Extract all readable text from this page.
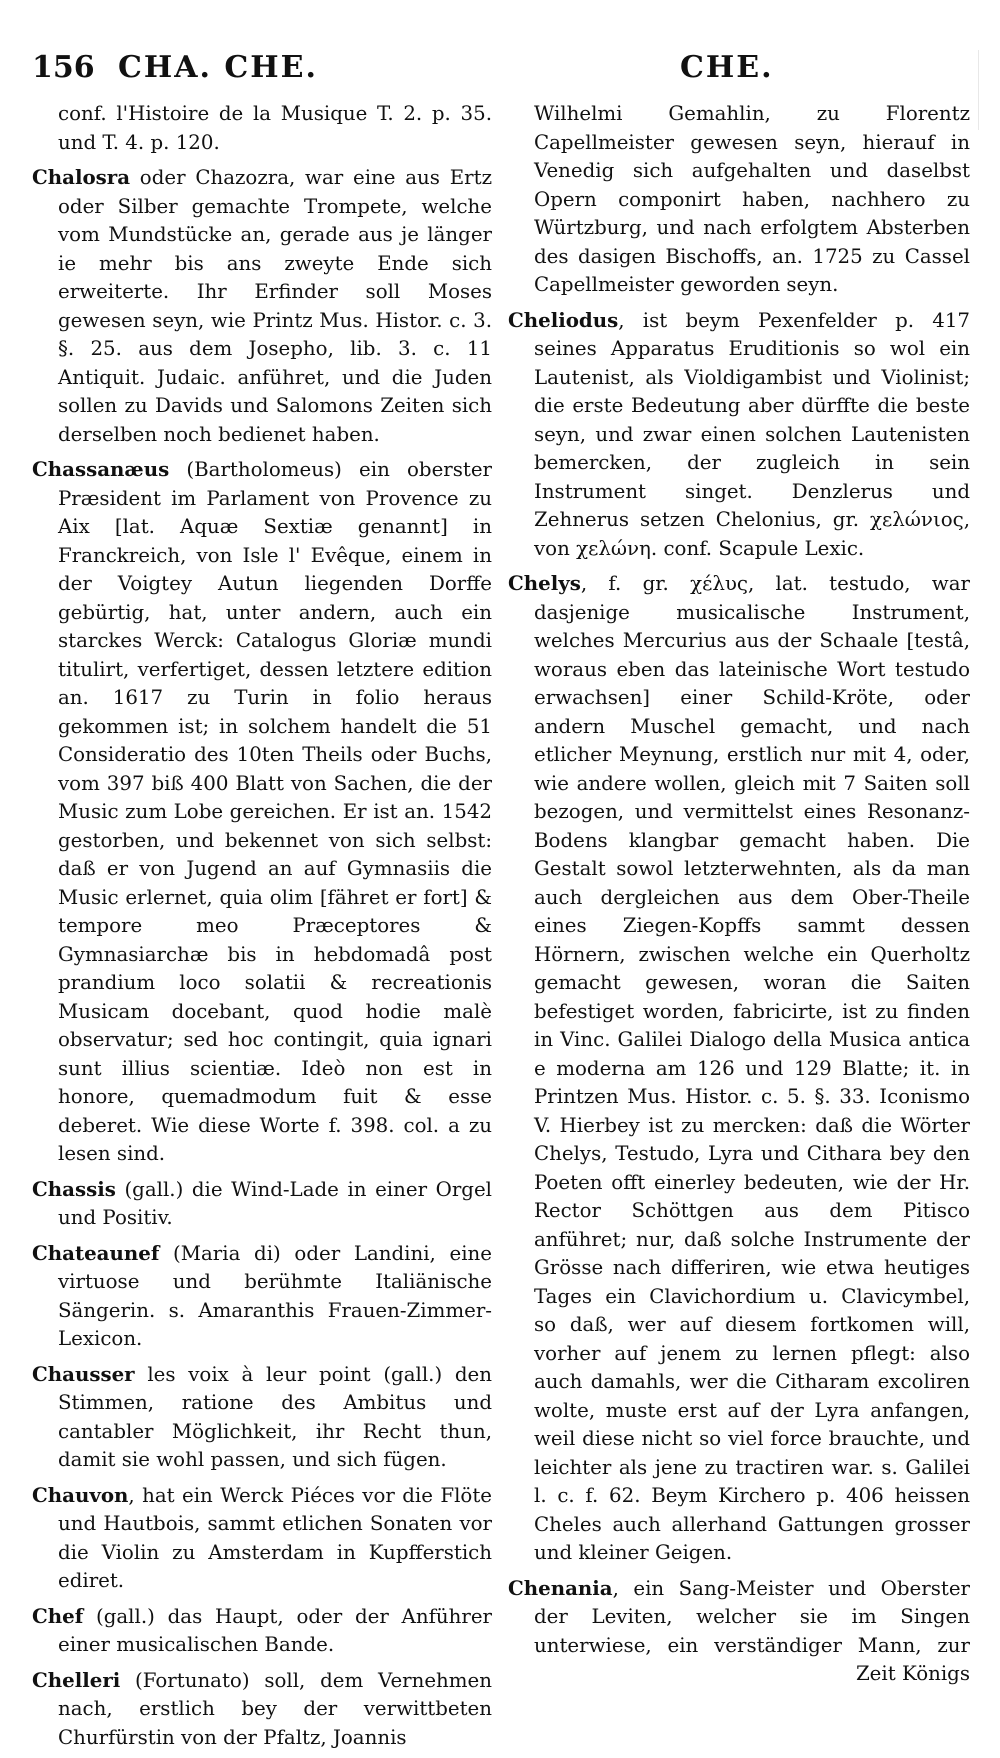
156 CHA. CHE.	CHE.

conf. l'Histoire de la Musique T. 2. p. 35. und T. 4. p. 120.

Chalosra oder Chazozra, war eine aus Ertz oder Silber gemachte Trompete, welche vom Mundstücke an, gerade aus je länger ie mehr bis ans zweyte Ende sich erweiterte. Ihr Erfinder soll Moses gewesen seyn, wie Printz Mus. Histor. c. 3. §. 25. aus dem Josepho, lib. 3. c. 11 Antiquit. Judaic. anführet, und die Juden sollen zu Davids und Salomons Zeiten sich derselben noch bedienet haben.

Chassanæus (Bartholomeus) ein oberster Præsident im Parlament von Provence zu Aix [lat. Aquæ Sextiæ genannt] in Franckreich, von Isle l' Evêque, einem in der Voigtey Autun liegenden Dorffe gebürtig, hat, unter andern, auch ein starckes Werck: Catalogus Gloriæ mundi titulirt, verfertiget, dessen letztere edition an. 1617 zu Turin in folio heraus gekommen ist; in solchem handelt die 51 Consideratio des 10ten Theils oder Buchs, vom 397 biß 400 Blatt von Sachen, die der Music zum Lobe gereichen. Er ist an. 1542 gestorben, und bekennet von sich selbst: daß er von Jugend an auf Gymnasiis die Music erlernet, quia olim [fähret er fort] & tempore meo Præceptores & Gymnasiarchæ bis in hebdomadâ post prandium loco solatii & recreationis Musicam docebant, quod hodie malè observatur; sed hoc contingit, quia ignari sunt illius scientiæ. Ideò non est in honore, quemadmodum fuit & esse deberet. Wie diese Worte f. 398. col. a zu lesen sind.

Chassis (gall.) die Wind-Lade in einer Orgel und Positiv.

Chateaunef (Maria di) oder Landini, eine virtuose und berühmte Italiänische Sängerin. s. Amaranthis Frauen-Zimmer-Lexicon.

Chausser les voix à leur point (gall.) den Stimmen, ratione des Ambitus und cantabler Möglichkeit, ihr Recht thun, damit sie wohl passen, und sich fügen.

Chauvon, hat ein Werck Piéces vor die Flöte und Hautbois, sammt etlichen Sonaten vor die Violin zu Amsterdam in Kupfferstich ediret.

Chef (gall.) das Haupt, oder der Anführer einer musicalischen Bande.

Chelleri (Fortunato) soll, dem Vernehmen nach, erstlich bey der verwittbeten Churfürstin von der Pfaltz, Joannis

Wilhelmi Gemahlin, zu Florentz Capellmeister gewesen seyn, hierauf in Venedig sich aufgehalten und daselbst Opern componirt haben, nachhero zu Würtzburg, und nach erfolgtem Absterben des dasigen Bischoffs, an. 1725 zu Cassel Capellmeister geworden seyn.

Cheliodus, ist beym Pexenfelder p. 417 seines Apparatus Eruditionis so wol ein Lautenist, als Violdigambist und Violinist; die erste Bedeutung aber dürffte die beste seyn, und zwar einen solchen Lautenisten bemercken, der zugleich in sein Instrument singet. Denzlerus und Zehnerus setzen Chelonius, gr. χελώνιος, von χελώνη. conf. Scapule Lexic.

Chelys, f. gr. χέλυς, lat. testudo, war dasjenige musicalische Instrument, welches Mercurius aus der Schaale [testâ, woraus eben das lateinische Wort testudo erwachsen] einer Schild-Kröte, oder andern Muschel gemacht, und nach etlicher Meynung, erstlich nur mit 4, oder, wie andere wollen, gleich mit 7 Saiten soll bezogen, und vermittelst eines Resonanz-Bodens klangbar gemacht haben. Die Gestalt sowol letzterwehnten, als da man auch dergleichen aus dem Ober-Theile eines Ziegen-Kopffs sammt dessen Hörnern, zwischen welche ein Querholtz gemacht gewesen, woran die Saiten befestiget worden, fabricirte, ist zu finden in Vinc. Galilei Dialogo della Musica antica e moderna am 126 und 129 Blatte; it. in Printzen Mus. Histor. c. 5. §. 33. Iconismo V. Hierbey ist zu mercken: daß die Wörter Chelys, Testudo, Lyra und Cithara bey den Poeten offt einerley bedeuten, wie der Hr. Rector Schöttgen aus dem Pitisco anführet; nur, daß solche Instrumente der Grösse nach differiren, wie etwa heutiges Tages ein Clavichordium u. Clavicymbel, so daß, wer auf diesem fortkomen will, vorher auf jenem zu lernen pflegt: also auch damahls, wer die Citharam excoliren wolte, muste erst auf der Lyra anfangen, weil diese nicht so viel force brauchte, und leichter als jene zu tractiren war. s. Galilei l. c. f. 62. Beym Kirchero p. 406 heissen Cheles auch allerhand Gattungen grosser und kleiner Geigen.

Chenania, ein Sang-Meister und Oberster der Leviten, welcher sie im Singen unterwiese, ein verständiger Mann, zur Zeit Königs
